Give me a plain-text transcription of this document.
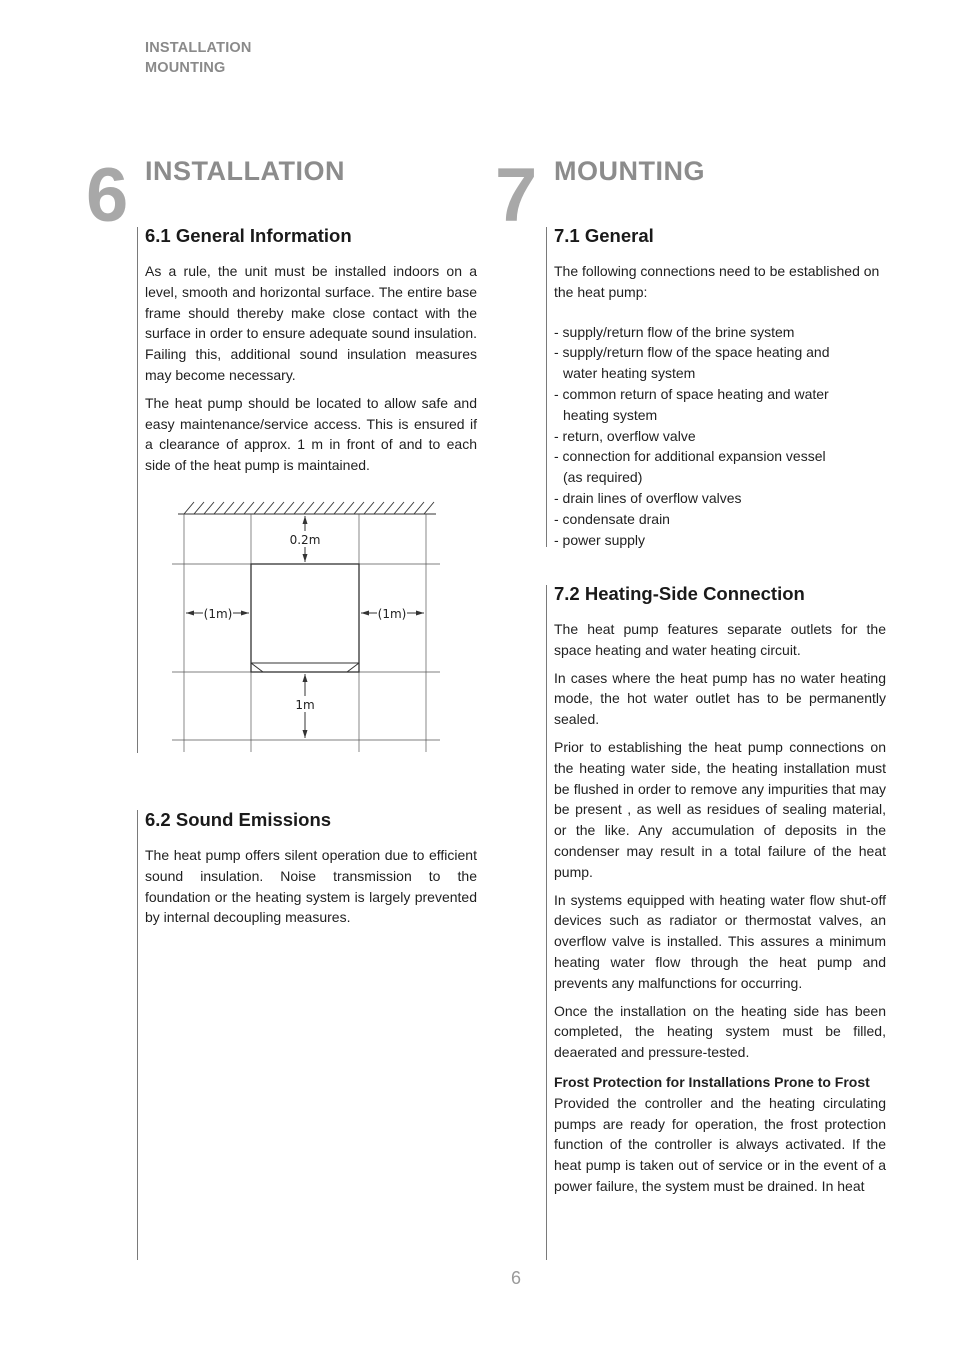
INSTALLATION
MOUNTING
6 INSTALLATION
6.1 General Information

As a rule, the unit must be installed indoors on a level, smooth and horizontal surface. The entire base frame should thereby make close contact with the surface in order to ensure adequate sound insulation. Failing this, additional sound insulation measures may become necessary.

The heat pump should be located to allow safe and easy maintenance/service access. This is ensured if a clearance of approx. 1 m in front of and to each side of the heat pump is maintained.

0.2m
(1m)	(1m)
1m
6.2 Sound Emissions

The heat pump offers silent operation due to efficient sound insulation. Noise transmission to the foundation or the heating system is largely prevented by internal decoupling measures.

7 MOUNTING
7.1 General

The following connections need to be established on the heat pump:

- supply/return flow of the brine system
- supply/return flow of the space heating and
water heating system
- common return of space heating and water
heating system
- return, overflow valve
- connection for additional expansion vessel
(as required)
- drain lines of overflow valves
- condensate drain
- power supply
7.2 Heating-Side Connection

The heat pump features separate outlets for the space heating and water heating circuit.

In cases where the heat pump has no water heating mode, the hot water outlet has to be permanently sealed.

Prior to establishing the heat pump connections on the heating water side, the heating installation must be flushed in order to remove any impurities that may be present , as well as residues of sealing material, or the like. Any accumulation of deposits in the condenser may result in a total failure of the heat pump.

In systems equipped with heating water flow shut-off devices such as radiator or thermostat valves, an overflow valve is installed. This assures a minimum heating water flow through the heat pump and prevents any malfunctions for occurring.

Once the installation on the heating side has been completed, the heating system must be filled, deaerated and pressure-tested.

Frost Protection for Installations Prone to Frost

Provided the controller and the heating circulating pumps are ready for operation, the frost protection function of the controller is always activated. If the heat pump is taken out of service or in the event of a power failure, the system must be drained. In heat

6
